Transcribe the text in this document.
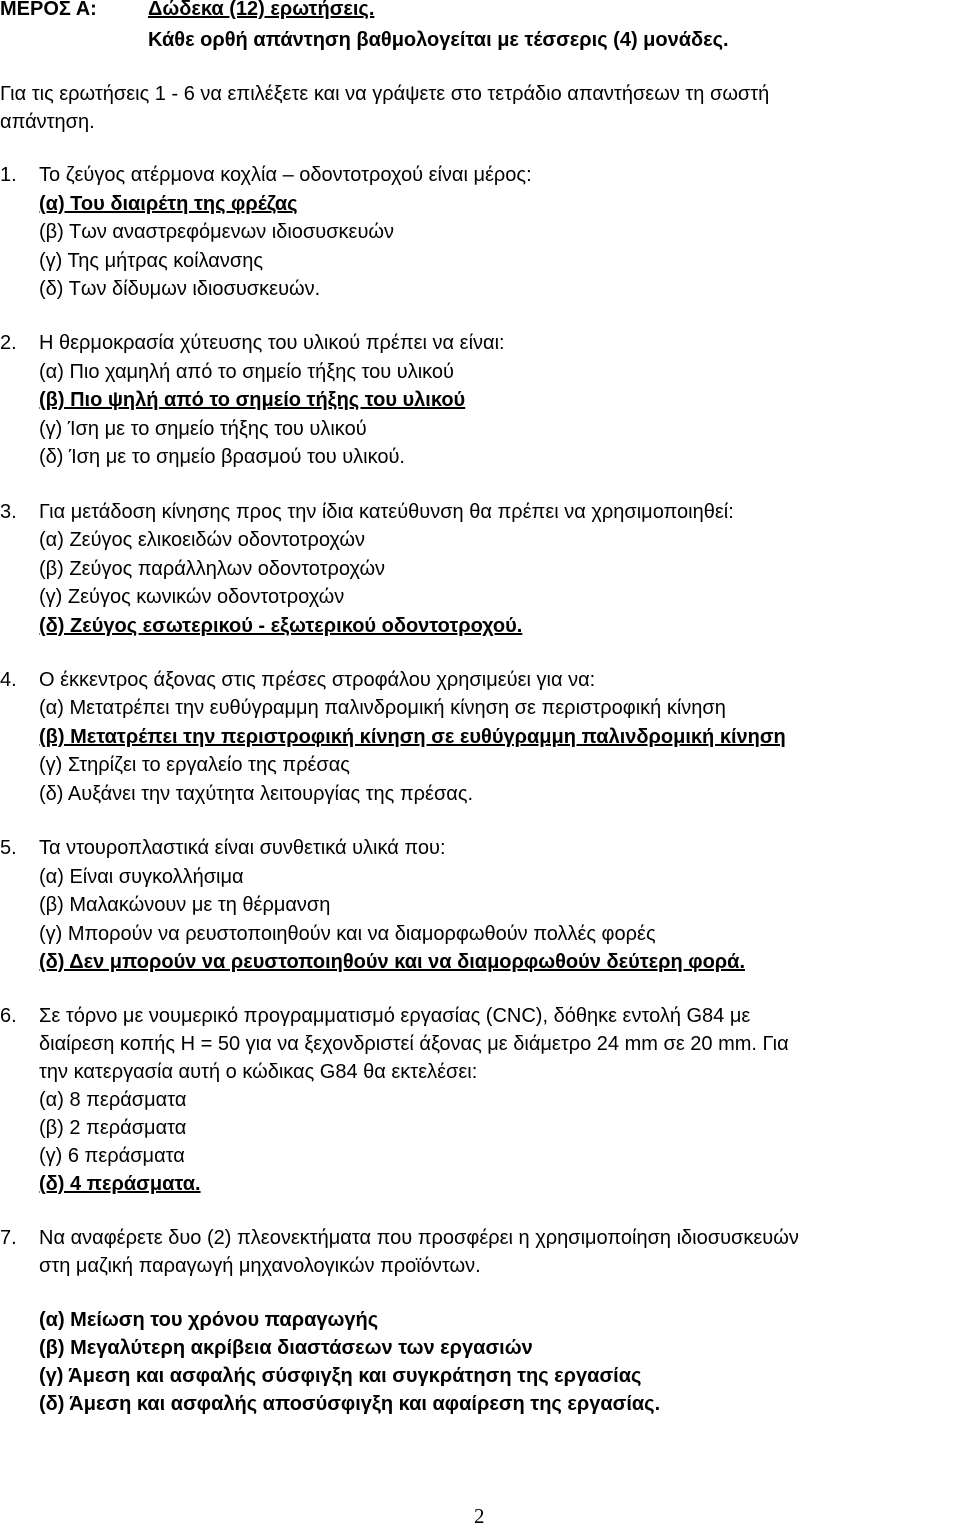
ΜΕΡΟΣ Α:	Δώδεκα (12) ερωτήσεις.
Κάθε ορθή απάντηση βαθμολογείται με τέσσερις (4) μονάδες.
Για τις ερωτήσεις 1 - 6 να επιλέξετε και να γράψετε στο τετράδιο απαντήσεων τη σωστή
απάντηση.
1. Το ζεύγος ατέρμονα κοχλία – οδοντοτροχού είναι μέρος:
(α) Του διαιρέτη της φρέζας
(β) Των αναστρεφόμενων ιδιοσυσκευών
(γ) Της μήτρας κοίλανσης
(δ) Των δίδυμων ιδιοσυσκευών.
2. Η θερμοκρασία χύτευσης του υλικού πρέπει να είναι:
(α) Πιο χαμηλή από το σημείο τήξης του υλικού
(β) Πιο ψηλή από το σημείο τήξης του υλικού
(γ) Ίση με το σημείο τήξης του υλικού
(δ) Ίση με το σημείο βρασμού του υλικού.
3. Για μετάδοση κίνησης προς την ίδια κατεύθυνση θα πρέπει να χρησιμοποιηθεί:
(α) Ζεύγος ελικοειδών οδοντοτροχών
(β) Ζεύγος παράλληλων οδοντοτροχών
(γ) Ζεύγος κωνικών οδοντοτροχών
(δ) Ζεύγος εσωτερικού - εξωτερικού οδοντοτροχού.
4. Ο έκκεντρος άξονας στις πρέσες στροφάλου χρησιμεύει για να:
(α) Μετατρέπει την ευθύγραμμη παλινδρομική κίνηση σε περιστροφική κίνηση
(β) Μετατρέπει την περιστροφική κίνηση σε ευθύγραμμη παλινδρομική κίνηση
(γ) Στηρίζει το εργαλείο της πρέσας
(δ) Αυξάνει την ταχύτητα λειτουργίας της πρέσας.
5. Τα ντουροπλαστικά είναι συνθετικά υλικά που:
(α) Είναι συγκολλήσιμα
(β) Μαλακώνουν με τη θέρμανση
(γ) Μπορούν να ρευστοποιηθούν και να διαμορφωθούν πολλές φορές
(δ) Δεν μπορούν να ρευστοποιηθούν και να διαμορφωθούν δεύτερη φορά.
6. Σε τόρνο με νουμερικό προγραμματισμό εργασίας (CNC), δόθηκε εντολή G84 με
διαίρεση κοπής H = 50 για να ξεχονδριστεί άξονας με διάμετρο 24 mm σε 20 mm. Για
την κατεργασία αυτή ο κώδικας G84 θα εκτελέσει:
(α) 8 περάσματα
(β) 2 περάσματα
(γ) 6 περάσματα
(δ) 4 περάσματα.
7. Να αναφέρετε δυο (2) πλεονεκτήματα που προσφέρει η χρησιμοποίηση ιδιοσυσκευών
στη μαζική παραγωγή μηχανολογικών προϊόντων.
(α) Μείωση του χρόνου παραγωγής
(β) Μεγαλύτερη ακρίβεια διαστάσεων των εργασιών
(γ) Άμεση και ασφαλής σύσφιγξη και συγκράτηση της εργασίας
(δ) Άμεση και ασφαλής αποσύσφιγξη και αφαίρεση της εργασίας.
2
